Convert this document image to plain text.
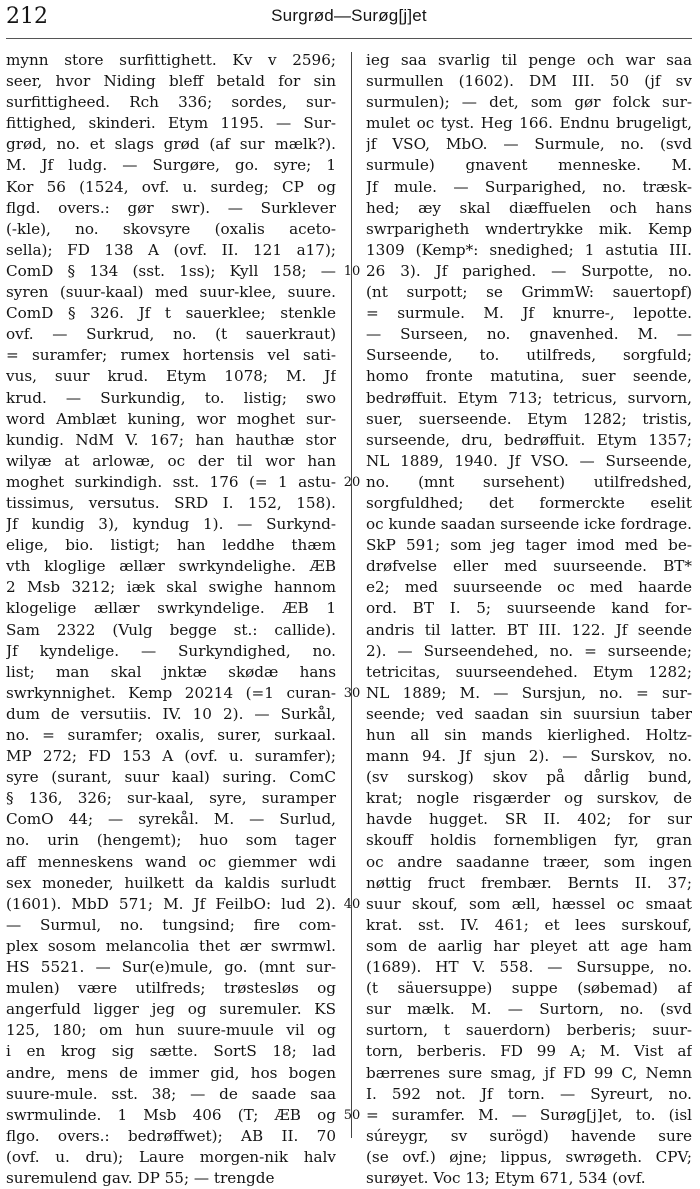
212	Surgrød—Surøg[j]et
mynn store surfittighett. Kv v 2596;
seer, hvor Niding bleff betald for sin
surfittigheed. Rch 336; sordes, sur-
fittighed, skinderi. Etym 1195. — Sur-
grød, no. et slags grød (af sur mælk?).
M. Jf ludg. — Surgøre, go. syre; 1
Kor 56 (1524, ovf. u. surdeg; CP og
flgd. overs.: gør swr). — Surklever
(-kle), no. skovsyre (oxalis aceto-
sella); FD 138 A (ovf. II. 121 a17);
ComD § 134 (sst. 1ss); Kyll 158; —
syren (suur-kaal) med suur-klee, suure.
ComD § 326. Jf t sauerklee; stenkle
ovf. — Surkrud, no. (t sauerkraut)
= suramfer; rumex hortensis vel sati-
vus, suur krud. Etym 1078; M. Jf
krud. — Surkundig, to. listig; swo
word Amblæt kuning, wor moghet sur-
kundig. NdM V. 167; han hauthæ stor
wilyæ at arlowæ, oc der til wor han
moghet surkindigh. sst. 176 (= 1 astu-
tissimus, versutus. SRD I. 152, 158).
Jf kundig 3), kyndug 1). — Surkynd-
elige, bio. listigt; han leddhe thæm
vth kloglige ællær swrkyndelighe. ÆB
2 Msb 3212; iæk skal swighe hannom
klogelige ællær swrkyndelige. ÆB 1
Sam 2322 (Vulg begge st.: callide).
Jf kyndelige. — Surkyndighed, no.
list; man skal jnktæ skødæ hans
swrkynnighet. Kemp 20214 (=1 curan-
dum de versutiis. IV. 10 2). — Surkål,
no. = suramfer; oxalis, surer, surkaal.
MP 272; FD 153 A (ovf. u. suramfer);
syre (surant, suur kaal) suring. ComC
§ 136, 326; sur-kaal, syre, suramper
ComO 44; — syrekål. M. — Surlud,
no. urin (hengemt); huo som tager
aff menneskens wand oc giemmer wdi
sex moneder, huilkett da kaldis surludt
(1601). MbD 571; M. Jf FeilbO: lud 2).
— Surmul, no. tungsind; fire com-
plex sosom melancolia thet ær swrmwl.
HS 5521. — Sur(e)mule, go. (mnt sur-
mulen) være utilfreds; trøstesløs og
angerfuld ligger jeg og suremuler. KS
125, 180; om hun suure-muule vil og
i en krog sig sætte. SortS 18; lad
andre, mens de immer gid, hos bogen
suure-mule. sst. 38; — de saade saa
swrmulinde. 1 Msb 406 (T; ÆB og
flgo. overs.: bedrøffwet); AB II. 70
(ovf. u. dru); Laure morgen-nik halv
suremulend gav. DP 55; — trengde
10
20
30
40
50
ieg saa svarlig til penge och war saa
surmullen (1602). DM III. 50 (jf sv
surmulen); — det, som gør folck sur-
mulet oc tyst. Heg 166. Endnu brugeligt,
jf VSO, MbO. — Surmule, no. (svd
surmule) gnavent menneske. M.
Jf mule. — Surparighed, no. træsk-
hed; æy skal diæffuelen och hans
swrparigheth wndertrykke mik. Kemp
1309 (Kemp*: snedighed; 1 astutia III.
26 3). Jf parighed. — Surpotte, no.
(nt surpott; se GrimmW: sauertopf)
= surmule. M. Jf knurre-, lepotte.
— Surseen, no. gnavenhed. M. —
Surseende, to. utilfreds, sorgfuld;
homo fronte matutina, suer seende,
bedrøffuit. Etym 713; tetricus, survorn,
suer, suerseende. Etym 1282; tristis,
surseende, dru, bedrøffuit. Etym 1357;
NL 1889, 1940. Jf VSO. — Surseende,
no. (mnt sursehent) utilfredshed,
sorgfuldhed; det formerckte eselit
oc kunde saadan surseende icke fordrage.
SkP 591; som jeg tager imod med be-
drøfvelse eller med suurseende. BT*
e2; med suurseende oc med haarde
ord. BT I. 5; suurseende kand for-
andris til latter. BT III. 122. Jf seende
2). — Surseendehed, no. = surseende;
tetricitas, suurseendehed. Etym 1282;
NL 1889; M. — Sursjun, no. = sur-
seende; ved saadan sin suursiun taber
hun all sin mands kierlighed. Holtz-
mann 94. Jf sjun 2). — Surskov, no.
(sv surskog) skov på dårlig bund,
krat; nogle risgærder og surskov, de
havde hugget. SR II. 402; for sur
skouff holdis fornembligen fyr, gran
oc andre saadanne træer, som ingen
nøttig fruct frembær. Bernts II. 37;
suur skouf, som æll, hæssel oc smaat
krat. sst. IV. 461; et lees surskouf,
som de aarlig har pleyet att age ham
(1689). HT V. 558. — Sursuppe, no.
(t säuersuppe) suppe (søbemad) af
sur mælk. M. — Surtorn, no. (svd
surtorn, t sauerdorn) berberis; suur-
torn, berberis. FD 99 A; M. Vist af
bærrenes sure smag, jf FD 99 C, Nemn
I. 592 not. Jf torn. — Syreurt, no.
= suramfer. M. — Surøg[j]et, to. (isl
súreygr, sv surögd) havende sure
(se ovf.) øjne; lippus, swrøgeth. CPV;
surøyet. Voc 13; Etym 671, 534 (ovf.
